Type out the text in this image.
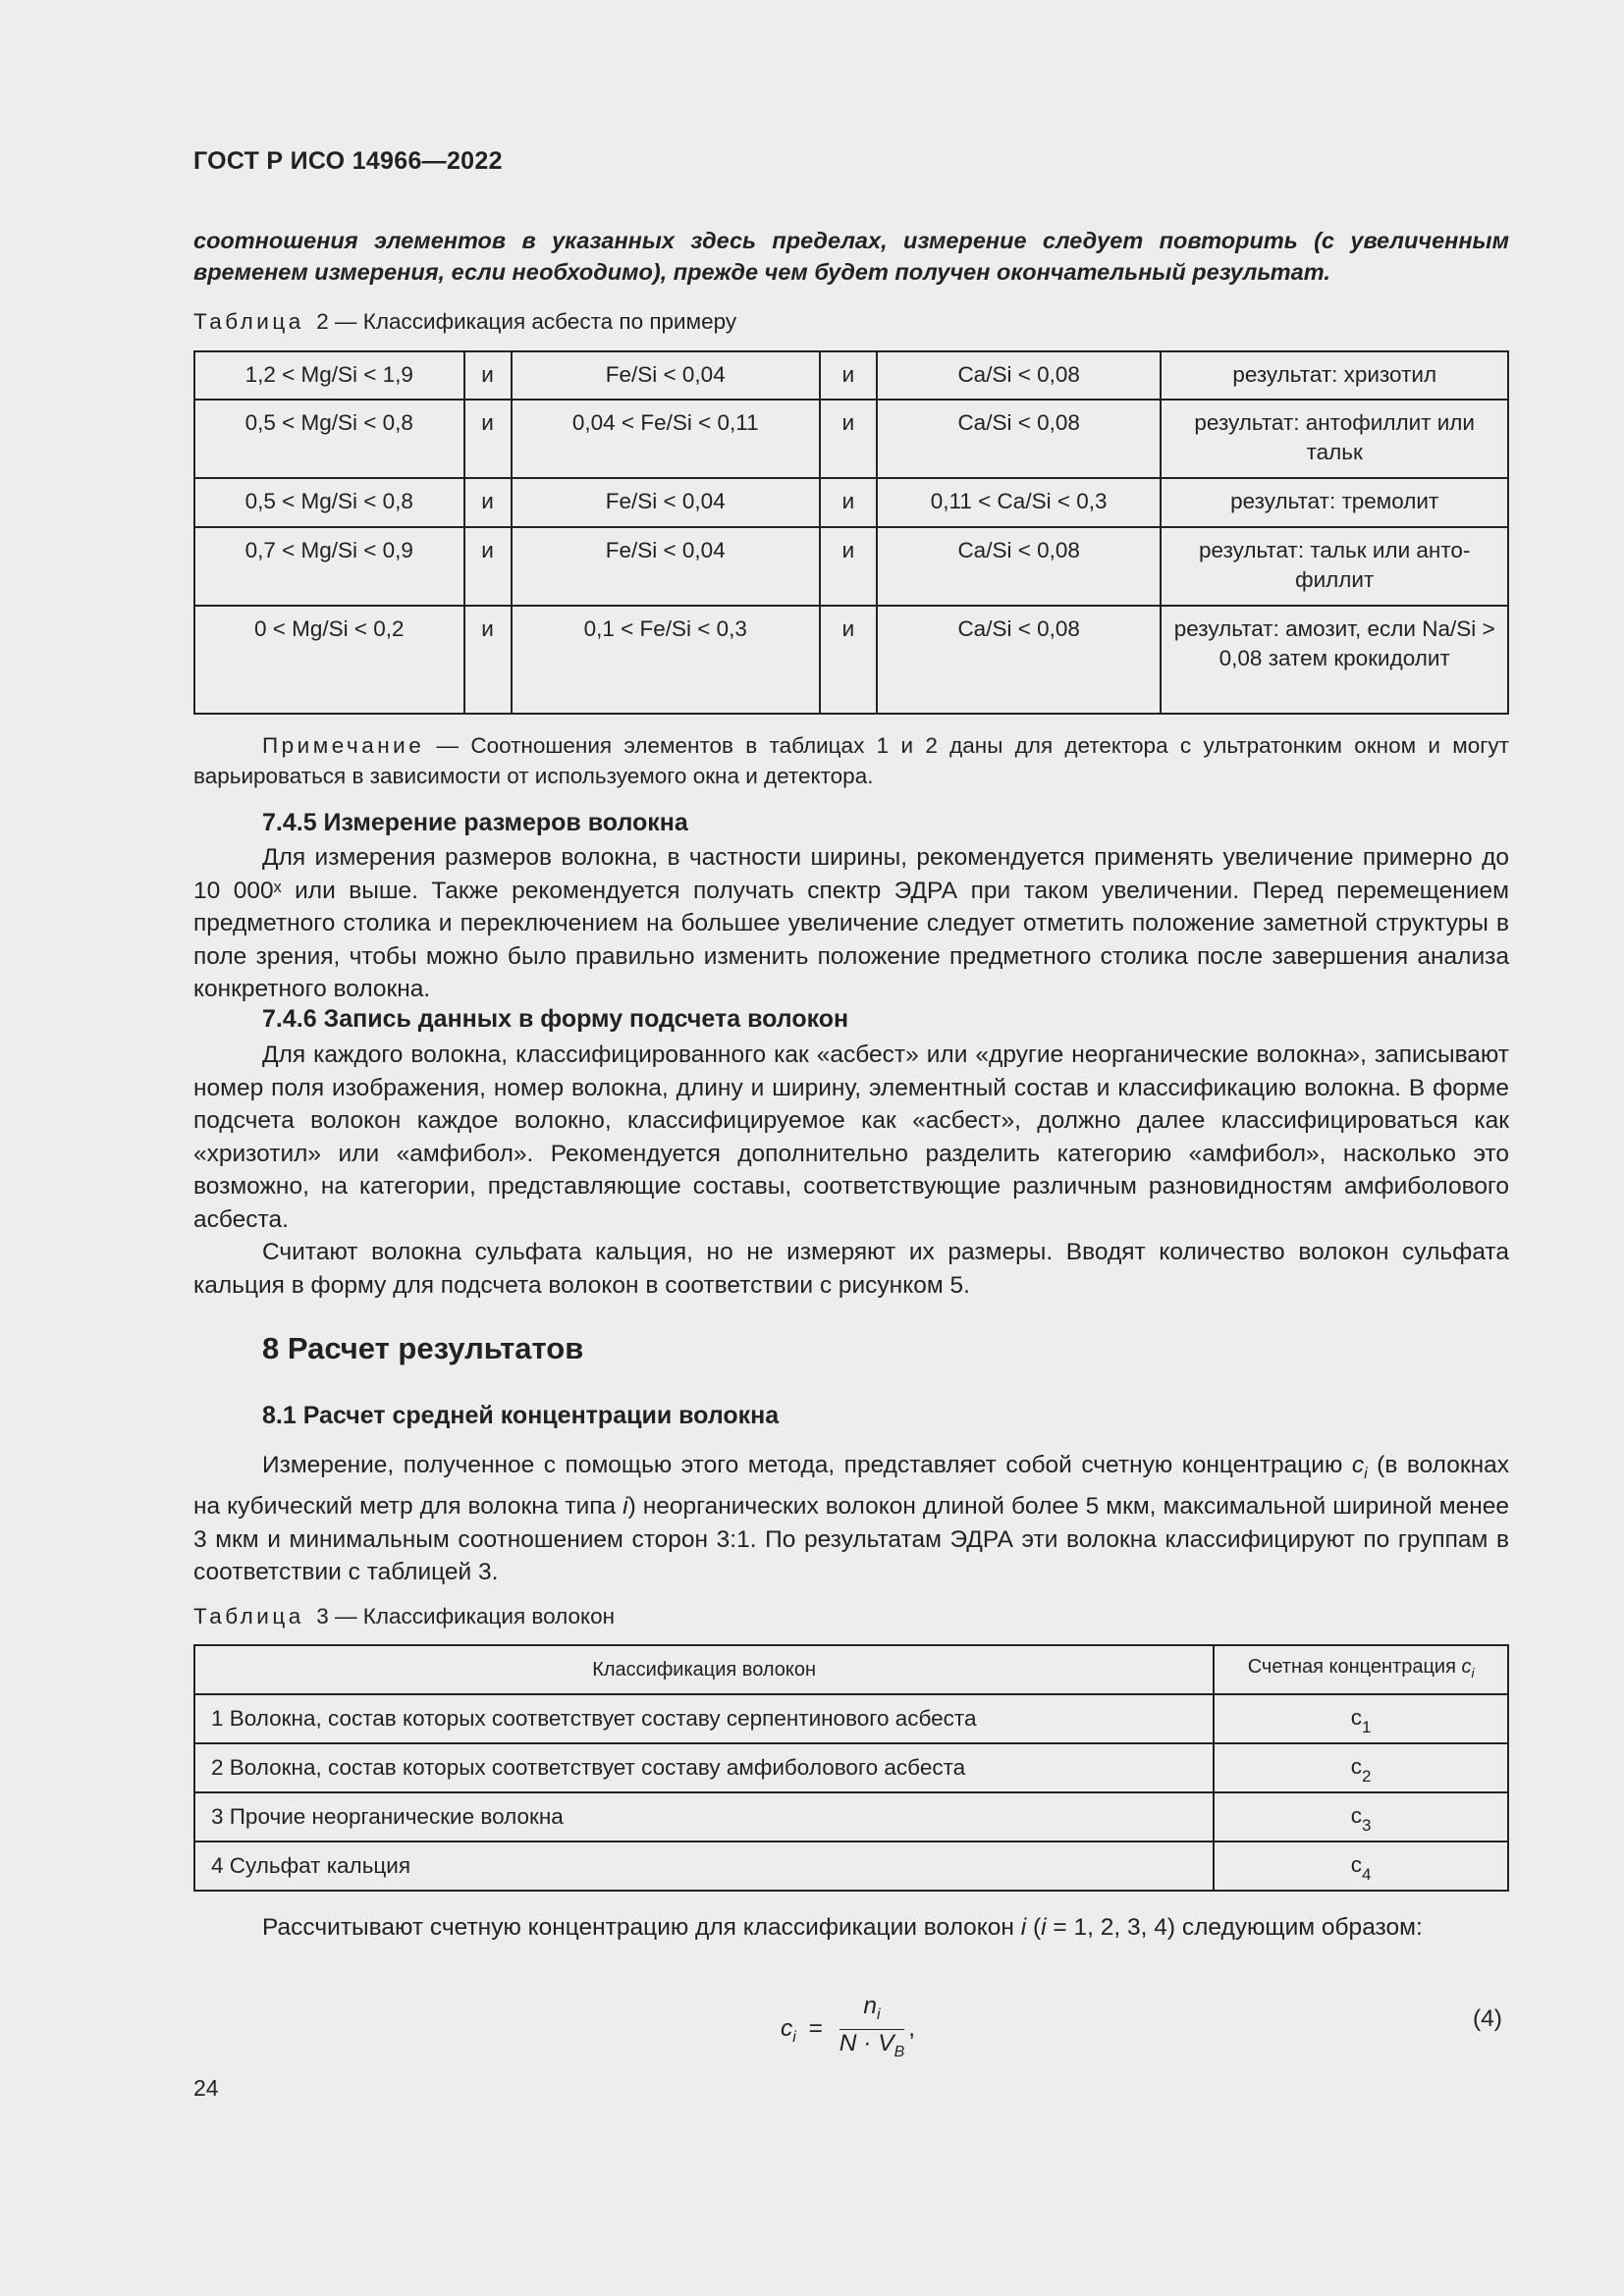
ГОСТ Р ИСО 14966—2022
соотношения элементов в указанных здесь пределах, измерение следует повторить (с увеличенным временем измерения, если необходимо), прежде чем будет получен окончательный результат.
Таблица 2 — Классификация асбеста по примеру
1,2 < Mg/Si < 1,9	и	Fe/Si < 0,04	и	Ca/Si < 0,08	результат: хризотил
0,5 < Mg/Si < 0,8	и	0,04 < Fe/Si < 0,11	и	Ca/Si < 0,08	результат: антофиллит или тальк
0,5 < Mg/Si < 0,8	и	Fe/Si < 0,04	и	0,11 < Ca/Si < 0,3	результат: тремолит
0,7 < Mg/Si < 0,9	и	Fe/Si < 0,04	и	Ca/Si < 0,08	результат: тальк или анто-филлит
0 < Mg/Si < 0,2	и	0,1 < Fe/Si < 0,3	и	Ca/Si < 0,08	результат: амозит, если Na/Si > 0,08 затем крокидолит
Примечание — Соотношения элементов в таблицах 1 и 2 даны для детектора с ультратонким окном и могут варьироваться в зависимости от используемого окна и детектора.
7.4.5 Измерение размеров волокна

Для измерения размеров волокна, в частности ширины, рекомендуется применять увеличение примерно до 10 000ˣ или выше. Также рекомендуется получать спектр ЭДРА при таком увеличении. Перед перемещением предметного столика и переключением на большее увеличение следует отметить положение заметной структуры в поле зрения, чтобы можно было правильно изменить положение предметного столика после завершения анализа конкретного волокна.

7.4.6 Запись данных в форму подсчета волокон

Для каждого волокна, классифицированного как «асбест» или «другие неорганические волокна», записывают номер поля изображения, номер волокна, длину и ширину, элементный состав и классификацию волокна. В форме подсчета волокон каждое волокно, классифицируемое как «асбест», должно далее классифицироваться как «хризотил» или «амфибол». Рекомендуется дополнительно разделить категорию «амфибол», насколько это возможно, на категории, представляющие составы, соответствующие различным разновидностям амфиболового асбеста.

Считают волокна сульфата кальция, но не измеряют их размеры. Вводят количество волокон сульфата кальция в форму для подсчета волокон в соответствии с рисунком 5.

8 Расчет результатов
8.1 Расчет средней концентрации волокна

Измерение, полученное с помощью этого метода, представляет собой счетную концентрацию $c_i$ (в волокнах на кубический метр для волокна типа i) неорганических волокон длиной более 5 мкм, максимальной шириной менее 3 мкм и минимальным соотношением сторон 3:1. По результатам ЭДРА эти волокна классифицируют по группам в соответствии с таблицей 3.

Таблица 3 — Классификация волокон
Классификация волокон	Счетная концентрация $c_i$
1 Волокна, состав которых соответствует составу серпентинового асбеста	$c_1$
2 Волокна, состав которых соответствует составу амфиболового асбеста	$c_2$
3 Прочие неорганические волокна	$c_3$
4 Сульфат кальция	$c_4$

Рассчитывают счетную концентрацию для классификации волокон i (i = 1, 2, 3, 4) следующим образом:

$c_i = \frac{n_i}{N \cdot V_B}$ ,	(4)
24
